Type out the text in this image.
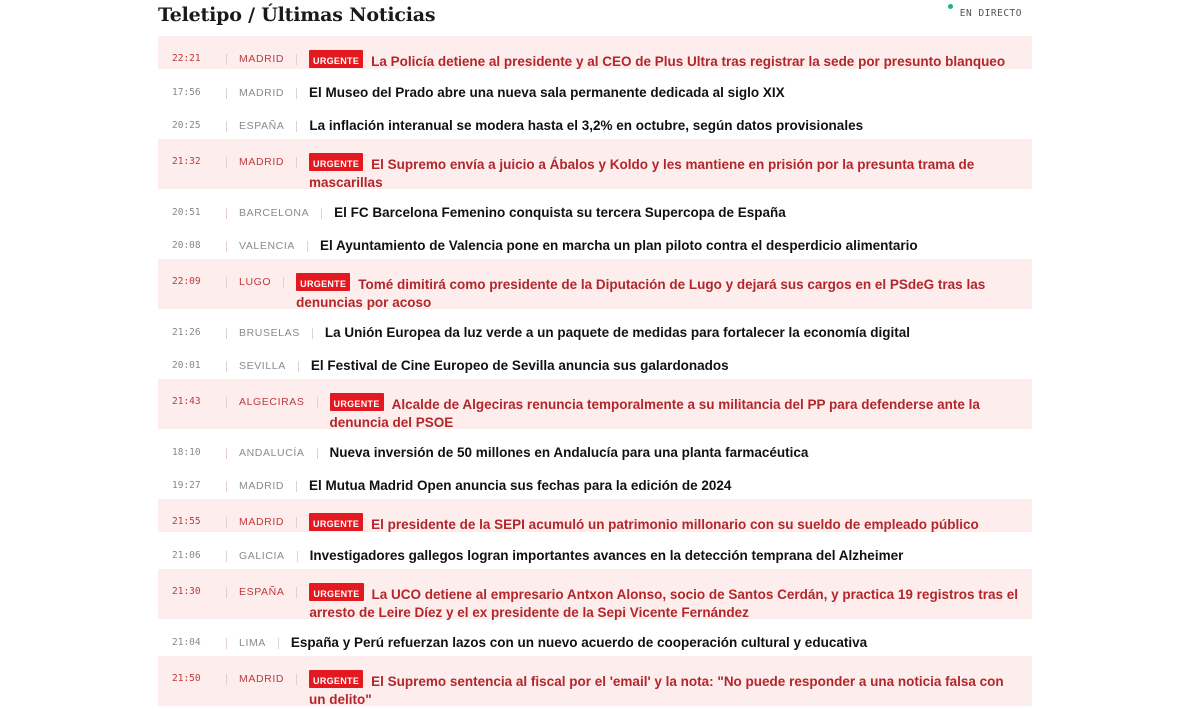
Teletipo / Últimas Noticias	EN DIRECTO
22:21	MADRID	URGENTE La Policía detiene al presidente y al CEO de Plus Ultra tras registrar la sede por presunto blanqueo
17:56	MADRID	El Museo del Prado abre una nueva sala permanente dedicada al siglo XIX
20:25	ESPAÑA	La inflación interanual se modera hasta el 3,2% en octubre, según datos provisionales
21:32	MADRID	URGENTE El Supremo envía a juicio a Ábalos y Koldo y les mantiene en prisión por la presunta trama de mascarillas
20:51	BARCELONA	El FC Barcelona Femenino conquista su tercera Supercopa de España
20:08	VALENCIA	El Ayuntamiento de Valencia pone en marcha un plan piloto contra el desperdicio alimentario
22:09	LUGO	URGENTE Tomé dimitirá como presidente de la Diputación de Lugo y dejará sus cargos en el PSdeG tras las denuncias por acoso
21:26	BRUSELAS	La Unión Europea da luz verde a un paquete de medidas para fortalecer la economía digital
20:01	SEVILLA	El Festival de Cine Europeo de Sevilla anuncia sus galardonados
21:43	ALGECIRAS	URGENTE Alcalde de Algeciras renuncia temporalmente a su militancia del PP para defenderse ante la denuncia del PSOE
18:10	ANDALUCÍA	Nueva inversión de 50 millones en Andalucía para una planta farmacéutica
19:27	MADRID	El Mutua Madrid Open anuncia sus fechas para la edición de 2024
21:55	MADRID	URGENTE El presidente de la SEPI acumuló un patrimonio millonario con su sueldo de empleado público
21:06	GALICIA	Investigadores gallegos logran importantes avances en la detección temprana del Alzheimer
21:30	ESPAÑA	URGENTE La UCO detiene al empresario Antxon Alonso, socio de Santos Cerdán, y practica 19 registros tras el arresto de Leire Díez y el ex presidente de la Sepi Vicente Fernández
21:04	LIMA	España y Perú refuerzan lazos con un nuevo acuerdo de cooperación cultural y educativa
21:50	MADRID	URGENTE El Supremo sentencia al fiscal por el 'email' y la nota: "No puede responder a una noticia falsa con un delito"
